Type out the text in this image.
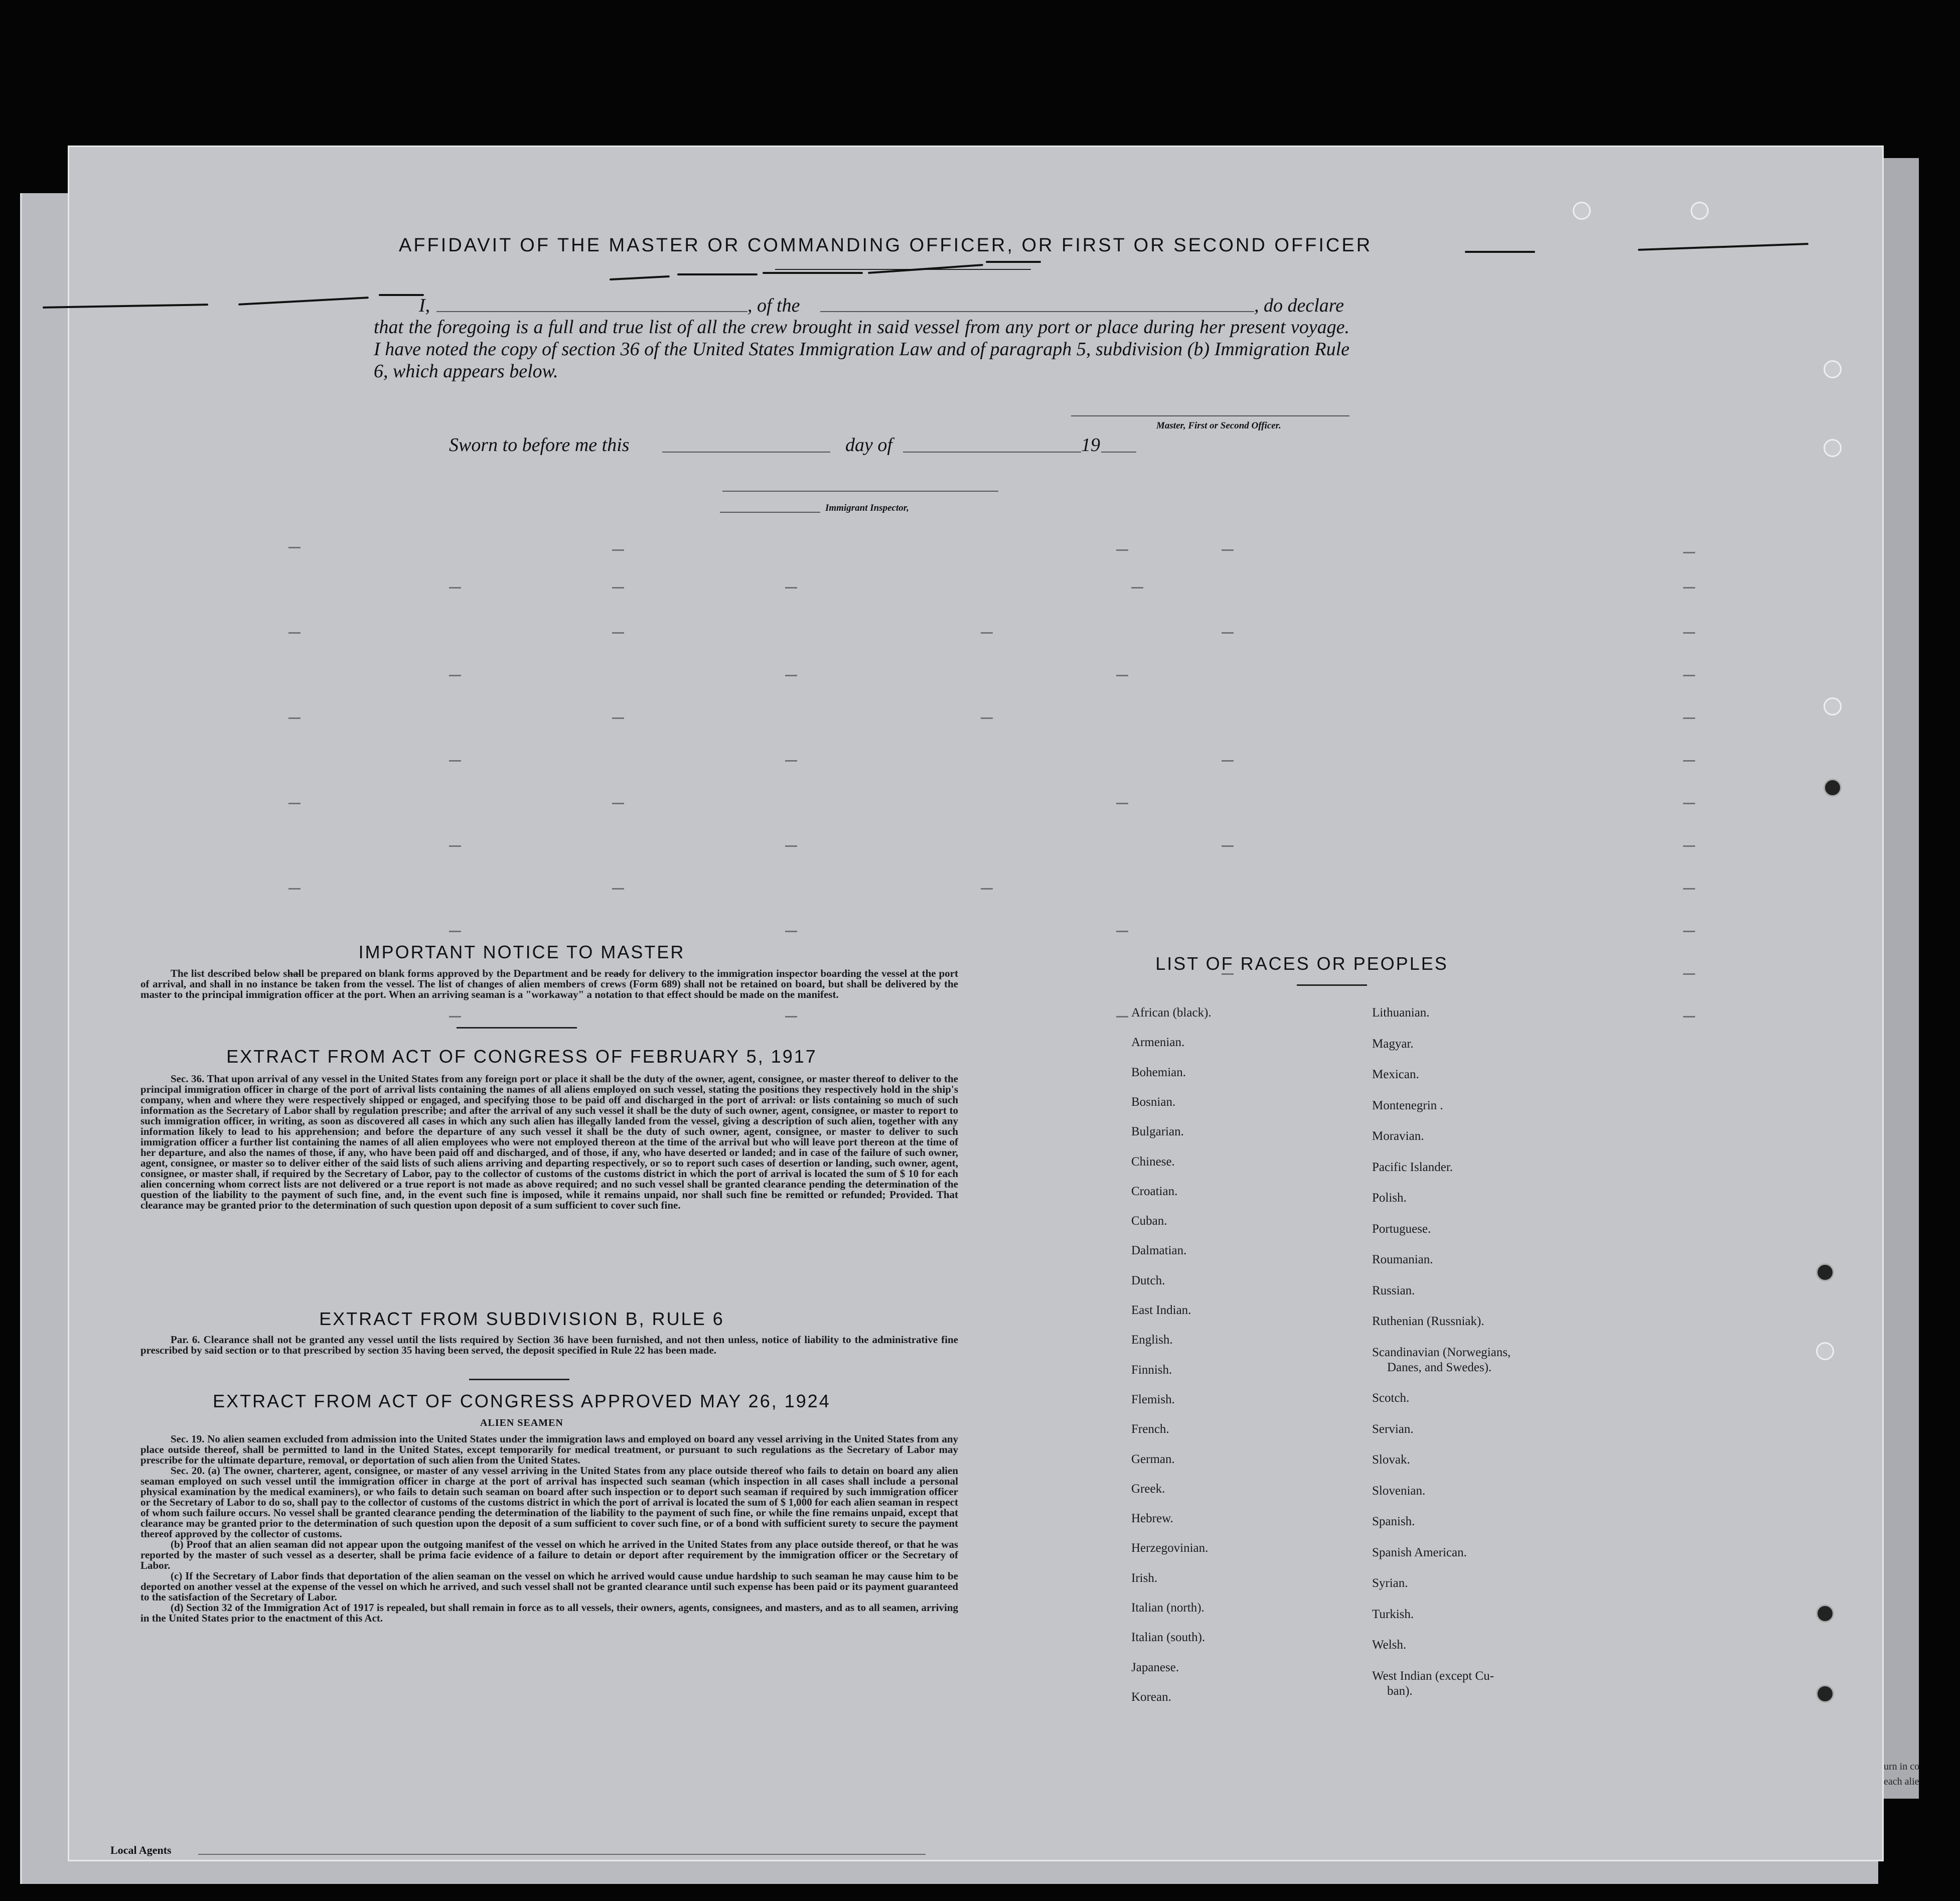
AFFIDAVIT OF THE MASTER OR COMMANDING OFFICER, OR FIRST OR SECOND OFFICER
I,	, of the	, do declare
that the foregoing is a full and true list of all the crew brought in said vessel from any port or place during her present voyage. I have noted the copy of section 36 of the United States Immigration Law and of paragraph 5, subdivision (b) Immigration Rule 6, which appears below.
Master, First or Second Officer.
Sworn to before me this	day of	19
Immigrant Inspector,
IMPORTANT NOTICE TO MASTER

The list described below shall be prepared on blank forms approved by the Department and be ready for delivery to the immigration inspector boarding the vessel at the port of arrival, and shall in no instance be taken from the vessel. The list of changes of alien members of crews (Form 689) shall not be retained on board, but shall be delivered by the master to the principal immigration officer at the port. When an arriving seaman is a "workaway" a notation to that effect should be made on the manifest.

EXTRACT FROM ACT OF CONGRESS OF FEBRUARY 5, 1917

Sec. 36. That upon arrival of any vessel in the United States from any foreign port or place it shall be the duty of the owner, agent, consignee, or master thereof to deliver to the principal immigration officer in charge of the port of arrival lists containing the names of all aliens employed on such vessel, stating the positions they respectively hold in the ship's company, when and where they were respectively shipped or engaged, and specifying those to be paid off and discharged in the port of arrival: or lists containing so much of such information as the Secretary of Labor shall by regulation prescribe; and after the arrival of any such vessel it shall be the duty of such owner, agent, consignee, or master to report to such immigration officer, in writing, as soon as discovered all cases in which any such alien has illegally landed from the vessel, giving a description of such alien, together with any information likely to lead to his apprehension; and before the departure of any such vessel it shall be the duty of such owner, agent, consignee, or master to deliver to such immigration officer a further list containing the names of all alien employees who were not employed thereon at the time of the arrival but who will leave port thereon at the time of her departure, and also the names of those, if any, who have been paid off and discharged, and of those, if any, who have deserted or landed; and in case of the failure of such owner, agent, consignee, or master so to deliver either of the said lists of such aliens arriving and departing respectively, or so to report such cases of desertion or landing, such owner, agent, consignee, or master shall, if required by the Secretary of Labor, pay to the collector of customs of the customs district in which the port of arrival is located the sum of $ 10 for each alien concerning whom correct lists are not delivered or a true report is not made as above required; and no such vessel shall be granted clearance pending the determination of the question of the liability to the payment of such fine, and, in the event such fine is imposed, while it remains unpaid, nor shall such fine be remitted or refunded; Provided. That clearance may be granted prior to the determination of such question upon deposit of a sum sufficient to cover such fine.

EXTRACT FROM SUBDIVISION B, RULE 6

Par. 6. Clearance shall not be granted any vessel until the lists required by Section 36 have been furnished, and not then unless, notice of liability to the administrative fine prescribed by said section or to that prescribed by section 35 having been served, the deposit specified in Rule 22 has been made.

EXTRACT FROM ACT OF CONGRESS APPROVED MAY 26, 1924
ALIEN SEAMEN

Sec. 19. No alien seamen excluded from admission into the United States under the immigration laws and employed on board any vessel arriving in the United States from any place outside thereof, shall be permitted to land in the United States, except temporarily for medical treatment, or pursuant to such regulations as the Secretary of Labor may prescribe for the ultimate departure, removal, or deportation of such alien from the United States.

Sec. 20. (a) The owner, charterer, agent, consignee, or master of any vessel arriving in the United States from any place outside thereof who fails to detain on board any alien seaman employed on such vessel until the immigration officer in charge at the port of arrival has inspected such seaman (which inspection in all cases shall include a personal physical examination by the medical examiners), or who fails to detain such seaman on board after such inspection or to deport such seaman if required by such immigration officer or the Secretary of Labor to do so, shall pay to the collector of customs of the customs district in which the port of arrival is located the sum of $ 1,000 for each alien seaman in respect of whom such failure occurs. No vessel shall be granted clearance pending the determination of the liability to the payment of such fine, or while the fine remains unpaid, except that clearance may be granted prior to the determination of such question upon the deposit of a sum sufficient to cover such fine, or of a bond with sufficient surety to secure the payment thereof approved by the collector of customs.

(b) Proof that an alien seaman did not appear upon the outgoing manifest of the vessel on which he arrived in the United States from any place outside thereof, or that he was reported by the master of such vessel as a deserter, shall be prima facie evidence of a failure to detain or deport after requirement by the immigration officer or the Secretary of Labor.

(c) If the Secretary of Labor finds that deportation of the alien seaman on the vessel on which he arrived would cause undue hardship to such seaman he may cause him to be deported on another vessel at the expense of the vessel on which he arrived, and such vessel shall not be granted clearance until such expense has been paid or its payment guaranteed to the satisfaction of the Secretary of Labor.

(d) Section 32 of the Immigration Act of 1917 is repealed, but shall remain in force as to all vessels, their owners, agents, consignees, and masters, and as to all seamen, arriving in the United States prior to the enactment of this Act.

LIST OF RACES OR PEOPLES
Local Agents
urn in co
each alie
African (black).
Armenian.
Bohemian.
Bosnian.
Bulgarian.
Chinese.
Croatian.
Cuban.
Dalmatian.
Dutch.
East Indian.
English.
Finnish.
Flemish.
French.
German.
Greek.
Hebrew.
Herzegovinian.
Irish.
Italian (north).
Italian (south).
Japanese.
Korean.
Lithuanian.
Magyar.
Mexican.
Montenegrin .
Moravian.
Pacific Islander.
Polish.
Portuguese.
Roumanian.
Russian.
Ruthenian (Russniak).
Scandinavian (Norwegians,
Danes, and Swedes).
Scotch.
Servian.
Slovak.
Slovenian.
Spanish.
Spanish American.
Syrian.
Turkish.
Welsh.
West Indian (except Cu-
ban).
